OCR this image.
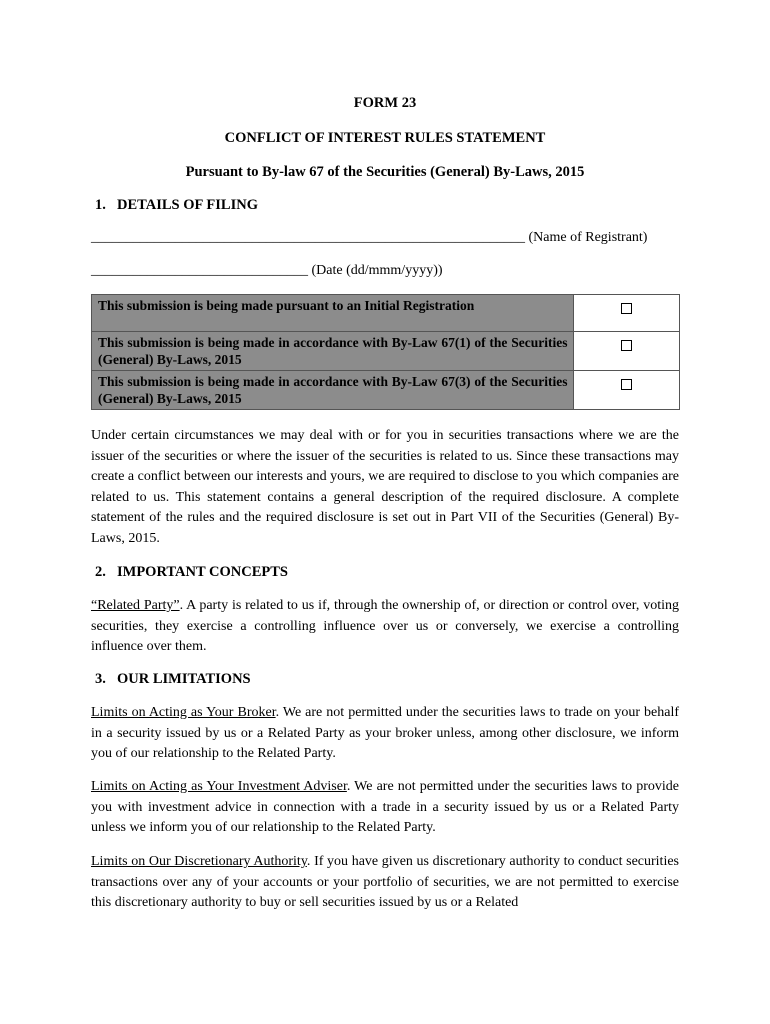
FORM 23
CONFLICT OF INTEREST RULES STATEMENT
Pursuant to By-law 67 of the Securities (General) By-Laws, 2015
1. DETAILS OF FILING
______________________________________________________________ (Name of Registrant)
_______________________________ (Date (dd/mmm/yyyy))
This submission is being made pursuant to an Initial Registration	
This submission is being made in accordance with By-Law 67(1) of the Securities (General) By-Laws, 2015	
This submission is being made in accordance with By-Law 67(3) of the Securities (General) By-Laws, 2015	
Under certain circumstances we may deal with or for you in securities transactions where we are the issuer of the securities or where the issuer of the securities is related to us. Since these transactions may create a conflict between our interests and yours, we are required to disclose to you which companies are related to us. This statement contains a general description of the required disclosure. A complete statement of the rules and the required disclosure is set out in Part VII of the Securities (General) By-Laws, 2015.
2. IMPORTANT CONCEPTS
“Related Party”. A party is related to us if, through the ownership of, or direction or control over, voting securities, they exercise a controlling influence over us or conversely, we exercise a controlling influence over them.
3. OUR LIMITATIONS
Limits on Acting as Your Broker. We are not permitted under the securities laws to trade on your behalf in a security issued by us or a Related Party as your broker unless, among other disclosure, we inform you of our relationship to the Related Party.
Limits on Acting as Your Investment Adviser. We are not permitted under the securities laws to provide you with investment advice in connection with a trade in a security issued by us or a Related Party unless we inform you of our relationship to the Related Party.
Limits on Our Discretionary Authority. If you have given us discretionary authority to conduct securities transactions over any of your accounts or your portfolio of securities, we are not permitted to exercise this discretionary authority to buy or sell securities issued by us or a Related
